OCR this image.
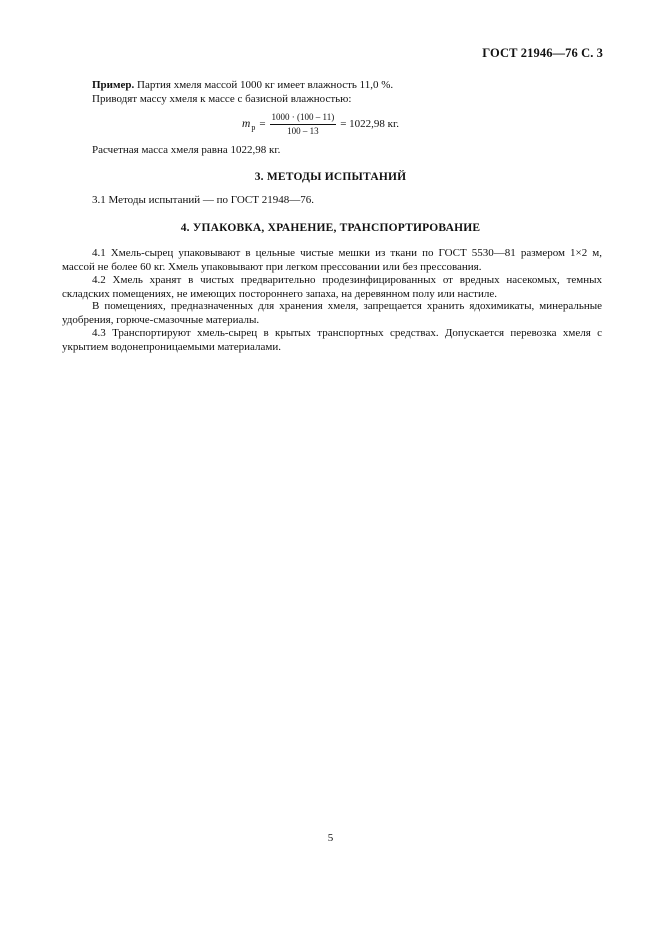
ГОСТ 21946—76 С. 3
Пример. Партия хмеля массой 1000 кг имеет влажность 11,0 %.
Приводят массу хмеля к массе с базисной влажностью:
m $р = \frac{1000 \cdot (100 - 11)}{100 - 13} = 1022,98$ кг.
Расчетная масса хмеля равна 1022,98 кг.
3. МЕТОДЫ ИСПЫТАНИЙ

3.1 Методы испытаний — по ГОСТ 21948—76.

4. УПАКОВКА, ХРАНЕНИЕ, ТРАНСПОРТИРОВАНИЕ

4.1 Хмель-сырец упаковывают в цельные чистые мешки из ткани по ГОСТ 5530—81 размером 1×2 м, массой не более 60 кг. Хмель упаковывают при легком прессовании или без прессования.

4.2 Хмель хранят в чистых предварительно продезинфицированных от вредных насекомых, темных складских помещениях, не имеющих постороннего запаха, на деревянном полу или настиле.

В помещениях, предназначенных для хранения хмеля, запрещается хранить ядохимикаты, минеральные удобрения, горюче-смазочные материалы.

4.3 Транспортируют хмель-сырец в крытых транспортных средствах. Допускается перевозка хмеля с укрытием водонепроницаемыми материалами.

5
